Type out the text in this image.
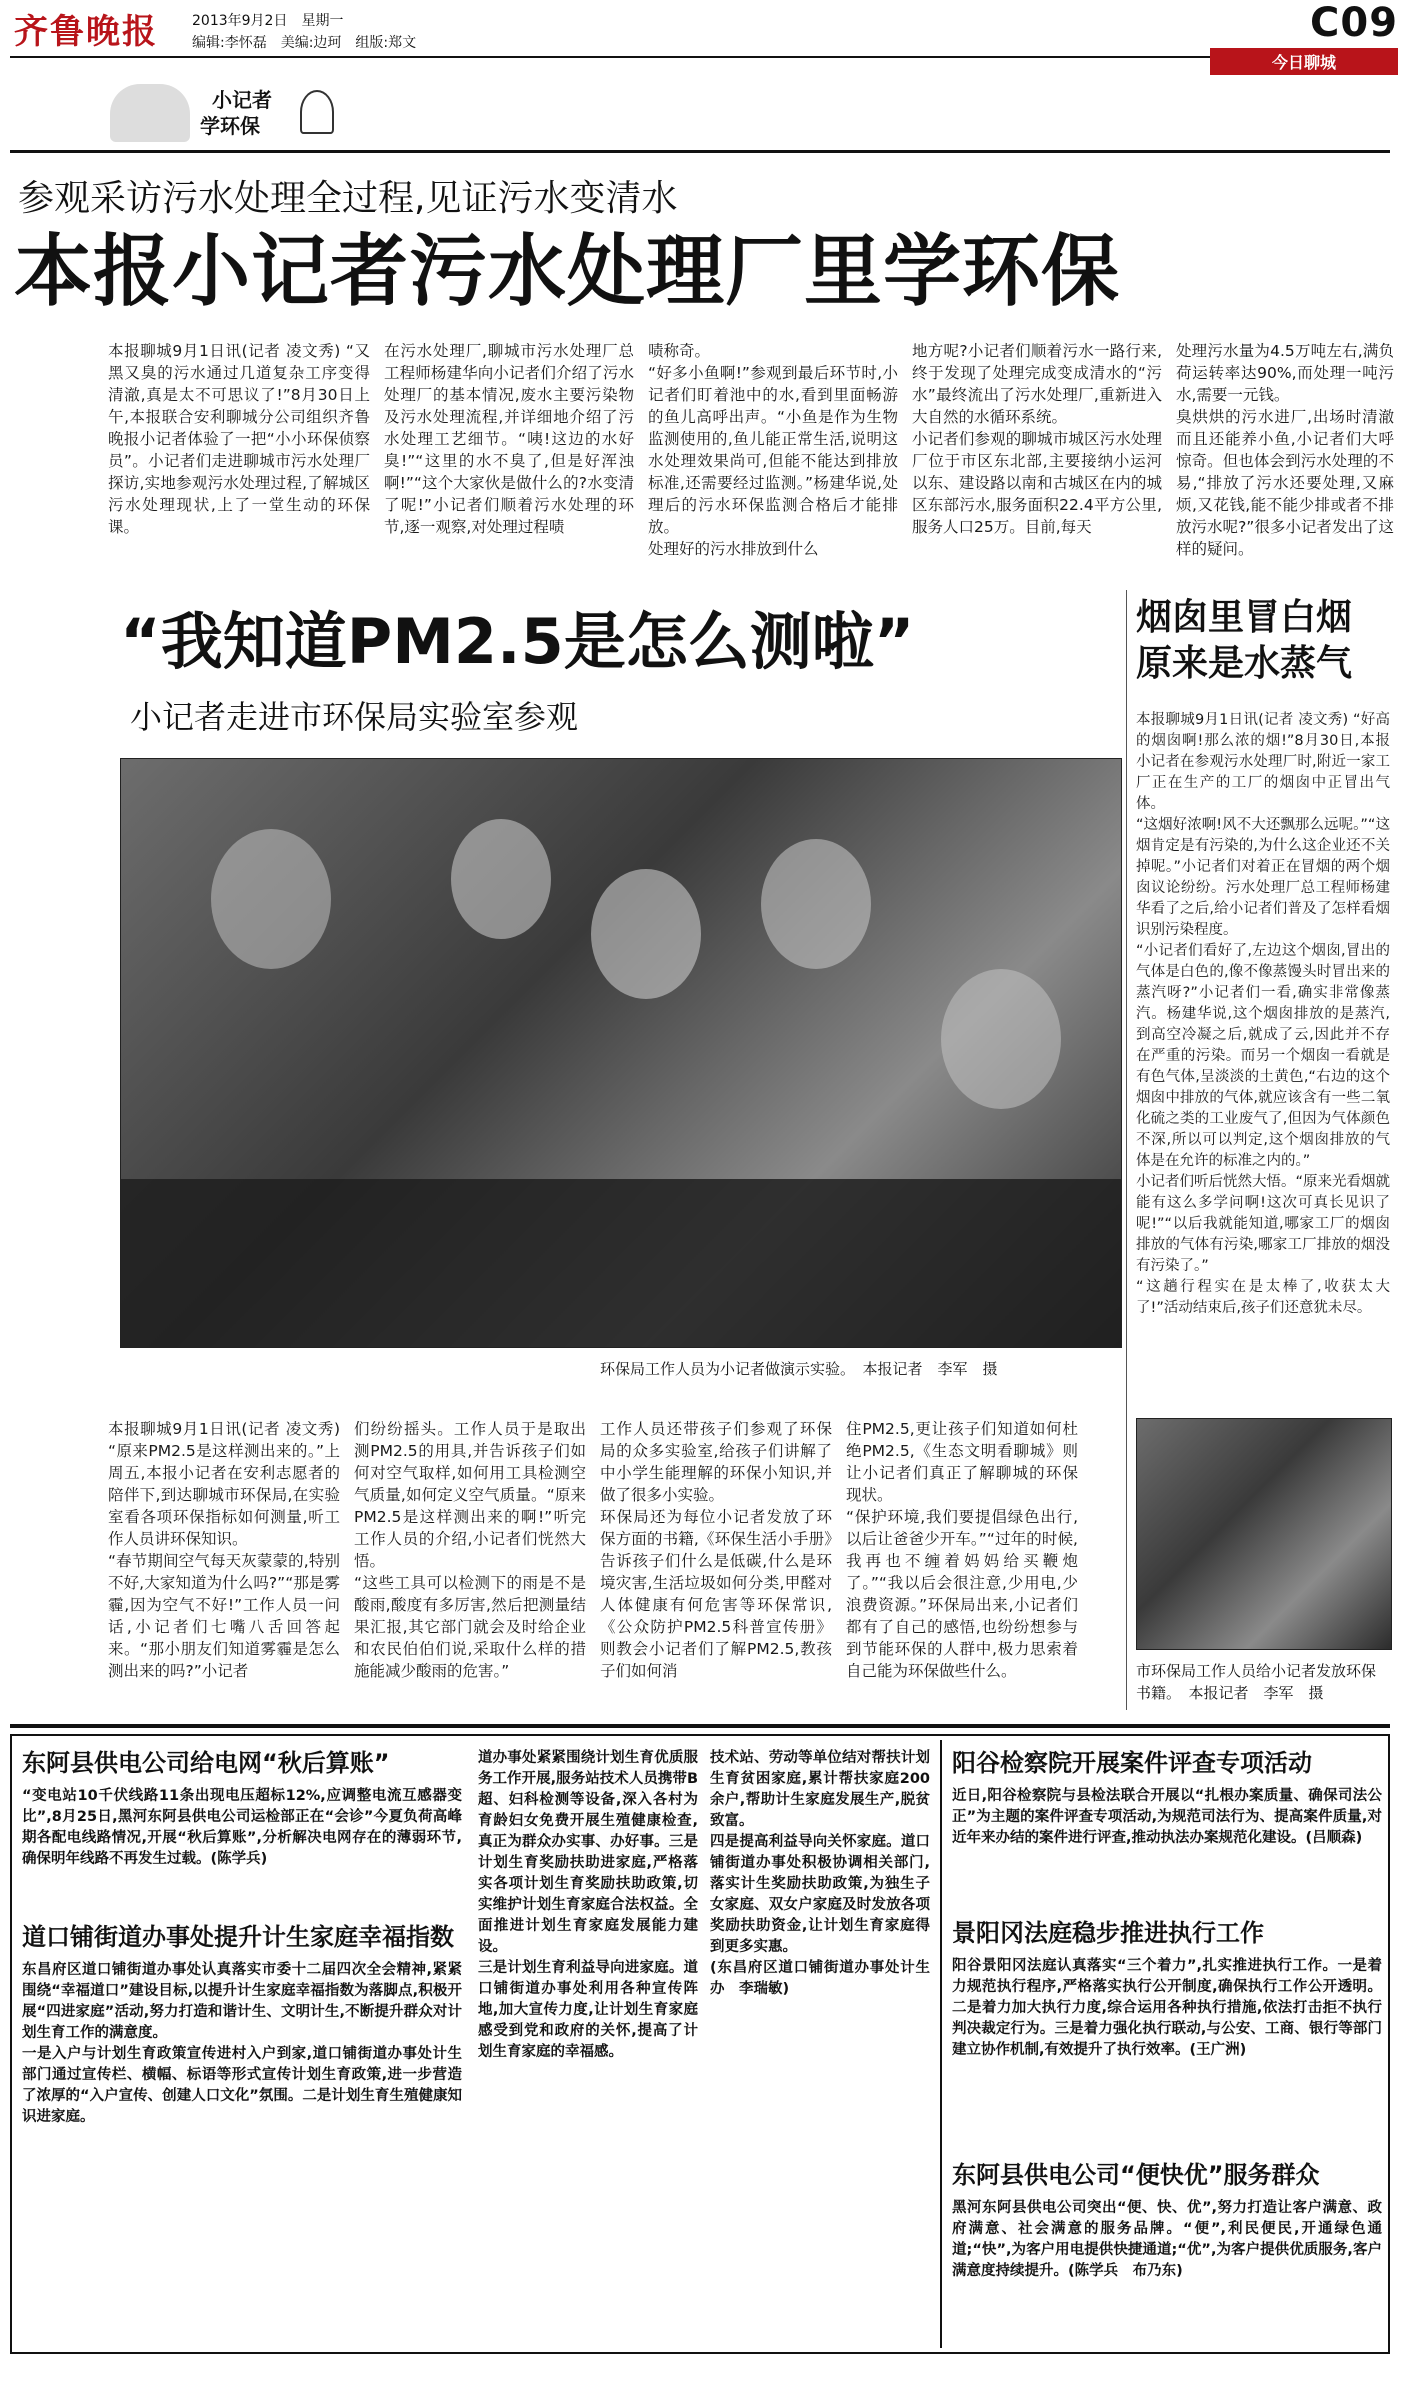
齐鲁晚报 2013年9月2日　星期一
编辑:李怀磊　美编:边珂　组版:郑文	C09
今日聊城
小记者
学环保
参观采访污水处理全过程,见证污水变清水
本报小记者污水处理厂里学环保
本报聊城9月1日讯(记者 凌文秀) “又黑又臭的污水通过几道复杂工序变得清澈,真是太不可思议了!”8月30日上午,本报联合安利聊城分公司组织齐鲁晚报小记者体验了一把“小小环保侦察员”。小记者们走进聊城市污水处理厂探访,实地参观污水处理过程,了解城区污水处理现状,上了一堂生动的环保课。
在污水处理厂,聊城市污水处理厂总工程师杨建华向小记者们介绍了污水处理厂的基本情况,废水主要污染物及污水处理流程,并详细地介绍了污水处理工艺细节。“咦!这边的水好臭!”“这里的水不臭了,但是好浑浊啊!”“这个大家伙是做什么的?水变清了呢!”小记者们顺着污水处理的环节,逐一观察,对处理过程啧
啧称奇。
“好多小鱼啊!”参观到最后环节时,小记者们盯着池中的水,看到里面畅游的鱼儿高呼出声。“小鱼是作为生物监测使用的,鱼儿能正常生活,说明这水处理效果尚可,但能不能达到排放标准,还需要经过监测。”杨建华说,处理后的污水环保监测合格后才能排放。
处理好的污水排放到什么
地方呢?小记者们顺着污水一路行来,终于发现了处理完成变成清水的“污水”最终流出了污水处理厂,重新进入大自然的水循环系统。
小记者们参观的聊城市城区污水处理厂位于市区东北部,主要接纳小运河以东、建设路以南和古城区在内的城区东部污水,服务面积22.4平方公里,服务人口25万。目前,每天
处理污水量为4.5万吨左右,满负荷运转率达90%,而处理一吨污水,需要一元钱。
臭烘烘的污水进厂,出场时清澈而且还能养小鱼,小记者们大呼惊奇。但也体会到污水处理的不易,“排放了污水还要处理,又麻烦,又花钱,能不能少排或者不排放污水呢?”很多小记者发出了这样的疑问。
“我知道PM2.5是怎么测啦”
小记者走进市环保局实验室参观
环保局工作人员为小记者做演示实验。　本报记者　李军　摄
本报聊城9月1日讯(记者 凌文秀) “原来PM2.5是这样测出来的。”上周五,本报小记者在安利志愿者的陪伴下,到达聊城市环保局,在实验室看各项环保指标如何测量,听工作人员讲环保知识。
“春节期间空气每天灰蒙蒙的,特别不好,大家知道为什么吗?”“那是雾霾,因为空气不好!”工作人员一问话,小记者们七嘴八舌回答起来。“那小朋友们知道雾霾是怎么测出来的吗?”小记者
们纷纷摇头。工作人员于是取出测PM2.5的用具,并告诉孩子们如何对空气取样,如何用工具检测空气质量,如何定义空气质量。“原来PM2.5是这样测出来的啊!”听完工作人员的介绍,小记者们恍然大悟。
“这些工具可以检测下的雨是不是酸雨,酸度有多厉害,然后把测量结果汇报,其它部门就会及时给企业和农民伯伯们说,采取什么样的措施能减少酸雨的危害。”
工作人员还带孩子们参观了环保局的众多实验室,给孩子们讲解了中小学生能理解的环保小知识,并做了很多小实验。
环保局还为每位小记者发放了环保方面的书籍,《环保生活小手册》告诉孩子们什么是低碳,什么是环境灾害,生活垃圾如何分类,甲醛对人体健康有何危害等环保常识,《公众防护PM2.5科普宣传册》则教会小记者们了解PM2.5,教孩子们如何消
住PM2.5,更让孩子们知道如何杜绝PM2.5,《生态文明看聊城》则让小记者们真正了解聊城的环保现状。
“保护环境,我们要提倡绿色出行,以后让爸爸少开车。”“过年的时候,我再也不缠着妈妈给买鞭炮了。”“我以后会很注意,少用电,少浪费资源。”环保局出来,小记者们都有了自己的感悟,也纷纷想参与到节能环保的人群中,极力思索着自己能为环保做些什么。
烟囱里冒白烟
原来是水蒸气
本报聊城9月1日讯(记者 凌文秀) “好高的烟囱啊!那么浓的烟!”8月30日,本报小记者在参观污水处理厂时,附近一家工厂正在生产的工厂的烟囱中正冒出气体。
“这烟好浓啊!风不大还飘那么远呢。”“这烟肯定是有污染的,为什么这企业还不关掉呢。”小记者们对着正在冒烟的两个烟囱议论纷纷。污水处理厂总工程师杨建华看了之后,给小记者们普及了怎样看烟识别污染程度。
“小记者们看好了,左边这个烟囱,冒出的气体是白色的,像不像蒸馒头时冒出来的蒸汽呀?”小记者们一看,确实非常像蒸汽。杨建华说,这个烟囱排放的是蒸汽,到高空冷凝之后,就成了云,因此并不存在严重的污染。而另一个烟囱一看就是有色气体,呈淡淡的土黄色,“右边的这个烟囱中排放的气体,就应该含有一些二氧化硫之类的工业废气了,但因为气体颜色不深,所以可以判定,这个烟囱排放的气体是在允许的标准之内的。”
小记者们听后恍然大悟。“原来光看烟就能有这么多学问啊!这次可真长见识了呢!”“以后我就能知道,哪家工厂的烟囱排放的气体有污染,哪家工厂排放的烟没有污染了。”
“这趟行程实在是太棒了,收获太大了!”活动结束后,孩子们还意犹未尽。
市环保局工作人员给小记者发放环保书籍。　本报记者　李军　摄
东阿县供电公司给电网“秋后算账”
“变电站10千伏线路11条出现电压超标12%,应调整电流互感器变比”,8月25日,黑河东阿县供电公司运检部正在“会诊”今夏负荷高峰期各配电线路情况,开展“秋后算账”,分析解决电网存在的薄弱环节,确保明年线路不再发生过载。(陈学兵)
道口铺街道办事处提升计生家庭幸福指数
东昌府区道口铺街道办事处认真落实市委十二届四次全会精神,紧紧围绕“幸福道口”建设目标,以提升计生家庭幸福指数为落脚点,积极开展“四进家庭”活动,努力打造和谐计生、文明计生,不断提升群众对计划生育工作的满意度。
一是入户与计划生育政策宣传进村入户到家,道口铺街道办事处计生部门通过宣传栏、横幅、标语等形式宣传计划生育政策,进一步营造了浓厚的“入户宣传、创建人口文化”氛围。二是计划生育生殖健康知识进家庭。
道办事处紧紧围绕计划生育优质服务工作开展,服务站技术人员携带B超、妇科检测等设备,深入各村为育龄妇女免费开展生殖健康检查,真正为群众办实事、办好事。三是计划生育奖励扶助进家庭,严格落实各项计划生育奖励扶助政策,切实维护计划生育家庭合法权益。全面推进计划生育家庭发展能力建设。
三是计划生育利益导向进家庭。道口铺街道办事处利用各种宣传阵地,加大宣传力度,让计划生育家庭感受到党和政府的关怀,提高了计划生育家庭的幸福感。
技术站、劳动等单位结对帮扶计划生育贫困家庭,累计帮扶家庭200余户,帮助计生家庭发展生产,脱贫致富。
四是提高利益导向关怀家庭。道口铺街道办事处积极协调相关部门,落实计生奖励扶助政策,为独生子女家庭、双女户家庭及时发放各项奖励扶助资金,让计划生育家庭得到更多实惠。
(东昌府区道口铺街道办事处计生办　李瑞敏)
阳谷检察院开展案件评查专项活动
近日,阳谷检察院与县检法联合开展以“扎根办案质量、确保司法公正”为主题的案件评查专项活动,为规范司法行为、提高案件质量,对近年来办结的案件进行评查,推动执法办案规范化建设。(吕顺森)
景阳冈法庭稳步推进执行工作
阳谷景阳冈法庭认真落实“三个着力”,扎实推进执行工作。一是着力规范执行程序,严格落实执行公开制度,确保执行工作公开透明。二是着力加大执行力度,综合运用各种执行措施,依法打击拒不执行判决裁定行为。三是着力强化执行联动,与公安、工商、银行等部门建立协作机制,有效提升了执行效率。(王广洲)
东阿县供电公司“便快优”服务群众
黑河东阿县供电公司突出“便、快、优”,努力打造让客户满意、政府满意、社会满意的服务品牌。“便”,利民便民,开通绿色通道;“快”,为客户用电提供快捷通道;“优”,为客户提供优质服务,客户满意度持续提升。(陈学兵　布乃东)
